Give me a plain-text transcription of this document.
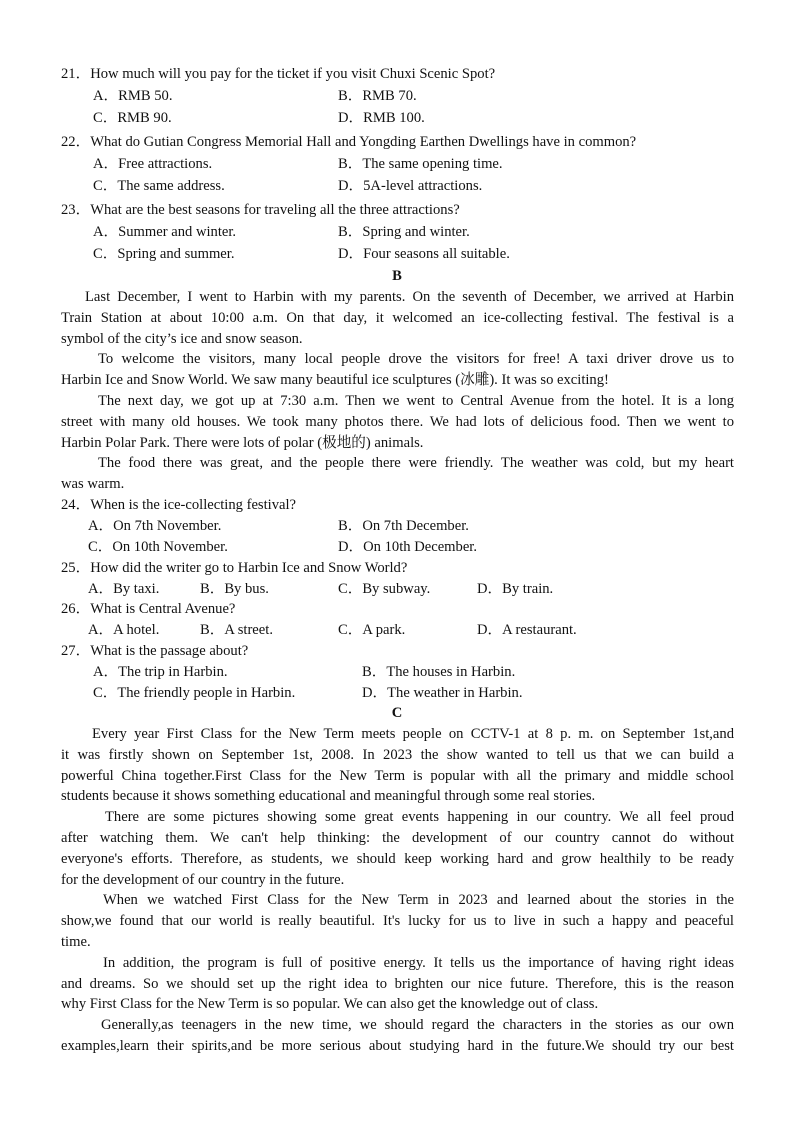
21．How much will you pay for the ticket if you visit Chuxi Scenic Spot?
A．RMB 50.	B．RMB 70.
C．RMB 90.	D．RMB 100.
22．What do Gutian Congress Memorial Hall and Yongding Earthen Dwellings have in common?
A．Free attractions.	B．The same opening time.
C．The same address.	D．5A-level attractions.
23．What are the best seasons for traveling all the three attractions?
A．Summer and winter.	B．Spring and winter.
C．Spring and summer.	D．Four seasons all suitable.
B

Last December, I went to Harbin with my parents. On the seventh of December, we arrived at Harbin
Train Station at about 10:00 a.m. On that day, it welcomed an ice-collecting festival. The festival is a
symbol of the city’s ice and snow season.

To welcome the visitors, many local people drove the visitors for free! A taxi driver drove us to
Harbin Ice and Snow World. We saw many beautiful ice sculptures (冰雕). It was so exciting!

The next day, we got up at 7:30 a.m. Then we went to Central Avenue from the hotel. It is a long
street with many old houses. We took many photos there. We had lots of delicious food. Then we went to
Harbin Polar Park. There were lots of polar (极地的) animals.

The food there was great, and the people there were friendly. The weather was cold, but my heart
was warm.

24．When is the ice-collecting festival?
A．On 7th November.	B．On 7th December.
C．On 10th November.	D．On 10th December.
25．How did the writer go to Harbin Ice and Snow World?
A．By taxi.	B．By bus.	C．By subway.	D．By train.
26．What is Central Avenue?
A．A hotel.	B．A street.	C．A park.	D．A restaurant.
27．What is the passage about?
A．The trip in Harbin.	B．The houses in Harbin.
C．The friendly people in Harbin.	D．The weather in Harbin.
C

Every year First Class for the New Term meets people on CCTV-1 at 8 p. m. on September 1st,and
it was firstly shown on September 1st, 2008. In 2023 the show wanted to tell us that we can build a
powerful China together.First Class for the New Term is popular with all the primary and middle school
students because it shows something educational and meaningful through some real stories.

There are some pictures showing some great events happening in our country. We all feel proud
after watching them. We can't help thinking: the development of our country cannot do without
everyone's efforts. Therefore, as students, we should keep working hard and grow healthily to be ready
for the development of our country in the future.

When we watched First Class for the New Term in 2023 and learned about the stories in the
show,we found that our world is really beautiful. It's lucky for us to live in such a happy and peaceful
time.

In addition, the program is full of positive energy. It tells us the importance of having right ideas
and dreams. So we should set up the right idea to brighten our nice future. Therefore, this is the reason
why First Class for the New Term is so popular. We can also get the knowledge out of class.

Generally,as teenagers in the new time, we should regard the characters in the stories as our own
examples,learn their spirits,and be more serious about studying hard in the future.We should try our best
